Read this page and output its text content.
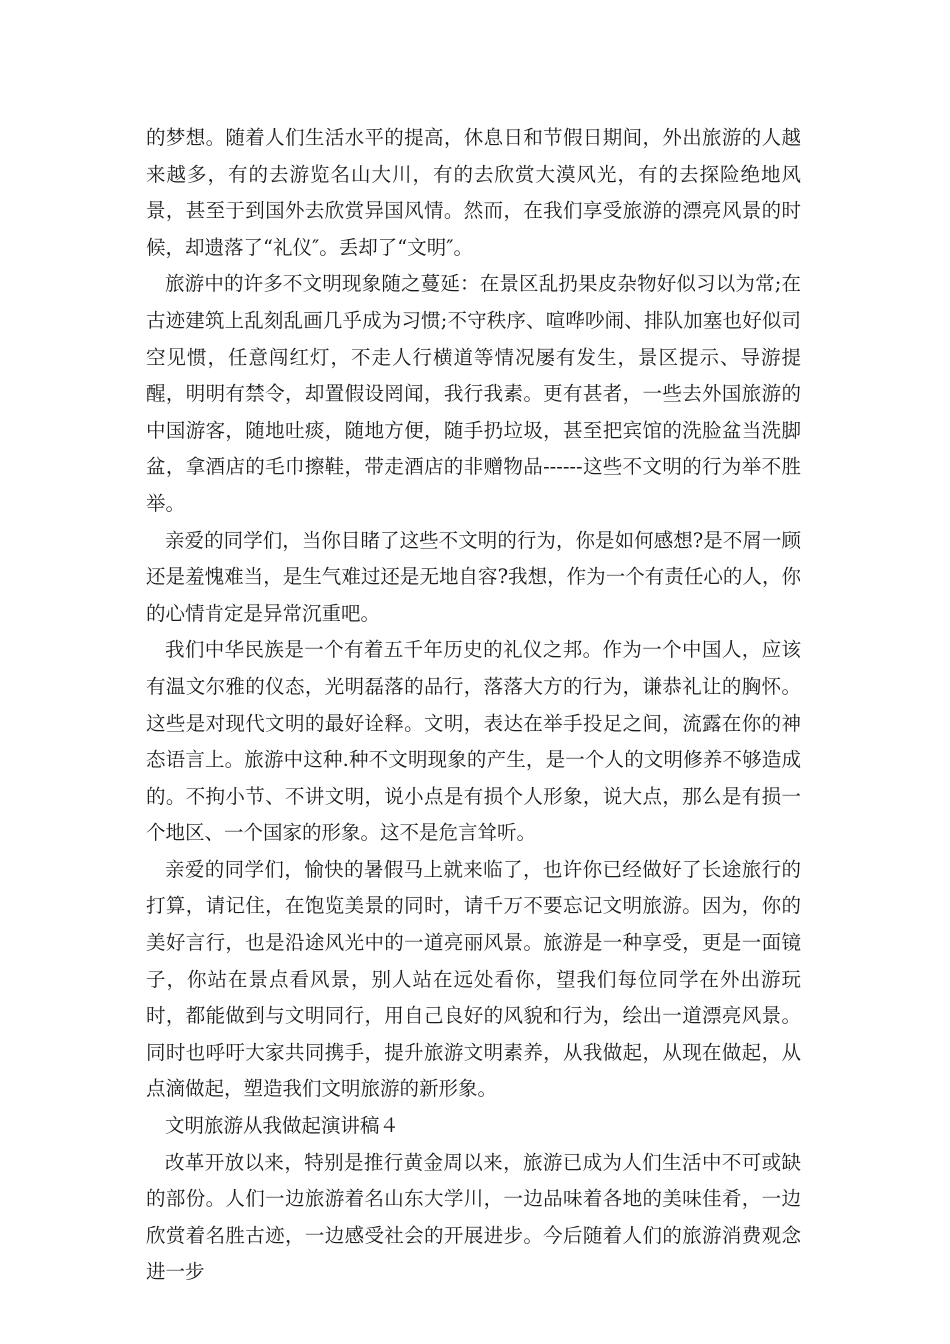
的梦想。随着人们生活水平的提高，休息日和节假日期间，外出旅游的人越来越多，有的去游览名山大川，有的去欣赏大漠风光，有的去探险绝地风景，甚至于到国外去欣赏异国风情。然而，在我们享受旅游的漂亮风景的时候，却遗落了“礼仪″。丢却了“文明″。

旅游中的许多不文明现象随之蔓延：在景区乱扔果皮杂物好似习以为常;在古迹建筑上乱刻乱画几乎成为习惯;不守秩序、喧哗吵闹、排队加塞也好似司空见惯，任意闯红灯，不走人行横道等情况屡有发生，景区提示、导游提醒，明明有禁令，却置假设罔闻，我行我素。更有甚者，一些去外国旅游的中国游客，随地吐痰，随地方便，随手扔垃圾，甚至把宾馆的洗脸盆当洗脚盆，拿酒店的毛巾擦鞋，带走酒店的非赠物品------这些不文明的行为举不胜举。

亲爱的同学们，当你目睹了这些不文明的行为，你是如何感想?是不屑一顾还是羞愧难当，是生气难过还是无地自容?我想，作为一个有责任心的人，你的心情肯定是异常沉重吧。

我们中华民族是一个有着五千年历史的礼仪之邦。作为一个中国人，应该有温文尔雅的仪态，光明磊落的品行，落落大方的行为，谦恭礼让的胸怀。这些是对现代文明的最好诠释。文明，表达在举手投足之间，流露在你的神态语言上。旅游中这种.种不文明现象的产生，是一个人的文明修养不够造成的。不拘小节、不讲文明，说小点是有损个人形象，说大点，那么是有损一个地区、一个国家的形象。这不是危言耸听。

亲爱的同学们，愉快的暑假马上就来临了，也许你已经做好了长途旅行的打算，请记住，在饱览美景的同时，请千万不要忘记文明旅游。因为，你的美好言行，也是沿途风光中的一道亮丽风景。旅游是一种享受，更是一面镜子，你站在景点看风景，别人站在远处看你，望我们每位同学在外出游玩时，都能做到与文明同行，用自己良好的风貌和行为，绘出一道漂亮风景。同时也呼吁大家共同携手，提升旅游文明素养，从我做起，从现在做起，从点滴做起，塑造我们文明旅游的新形象。

文明旅游从我做起演讲稿４

改革开放以来，特别是推行黄金周以来，旅游已成为人们生活中不可或缺的部份。人们一边旅游着名山东大学川，一边品味着各地的美味佳肴，一边欣赏着名胜古迹，一边感受社会的开展进步。今后随着人们的旅游消费观念进一步
